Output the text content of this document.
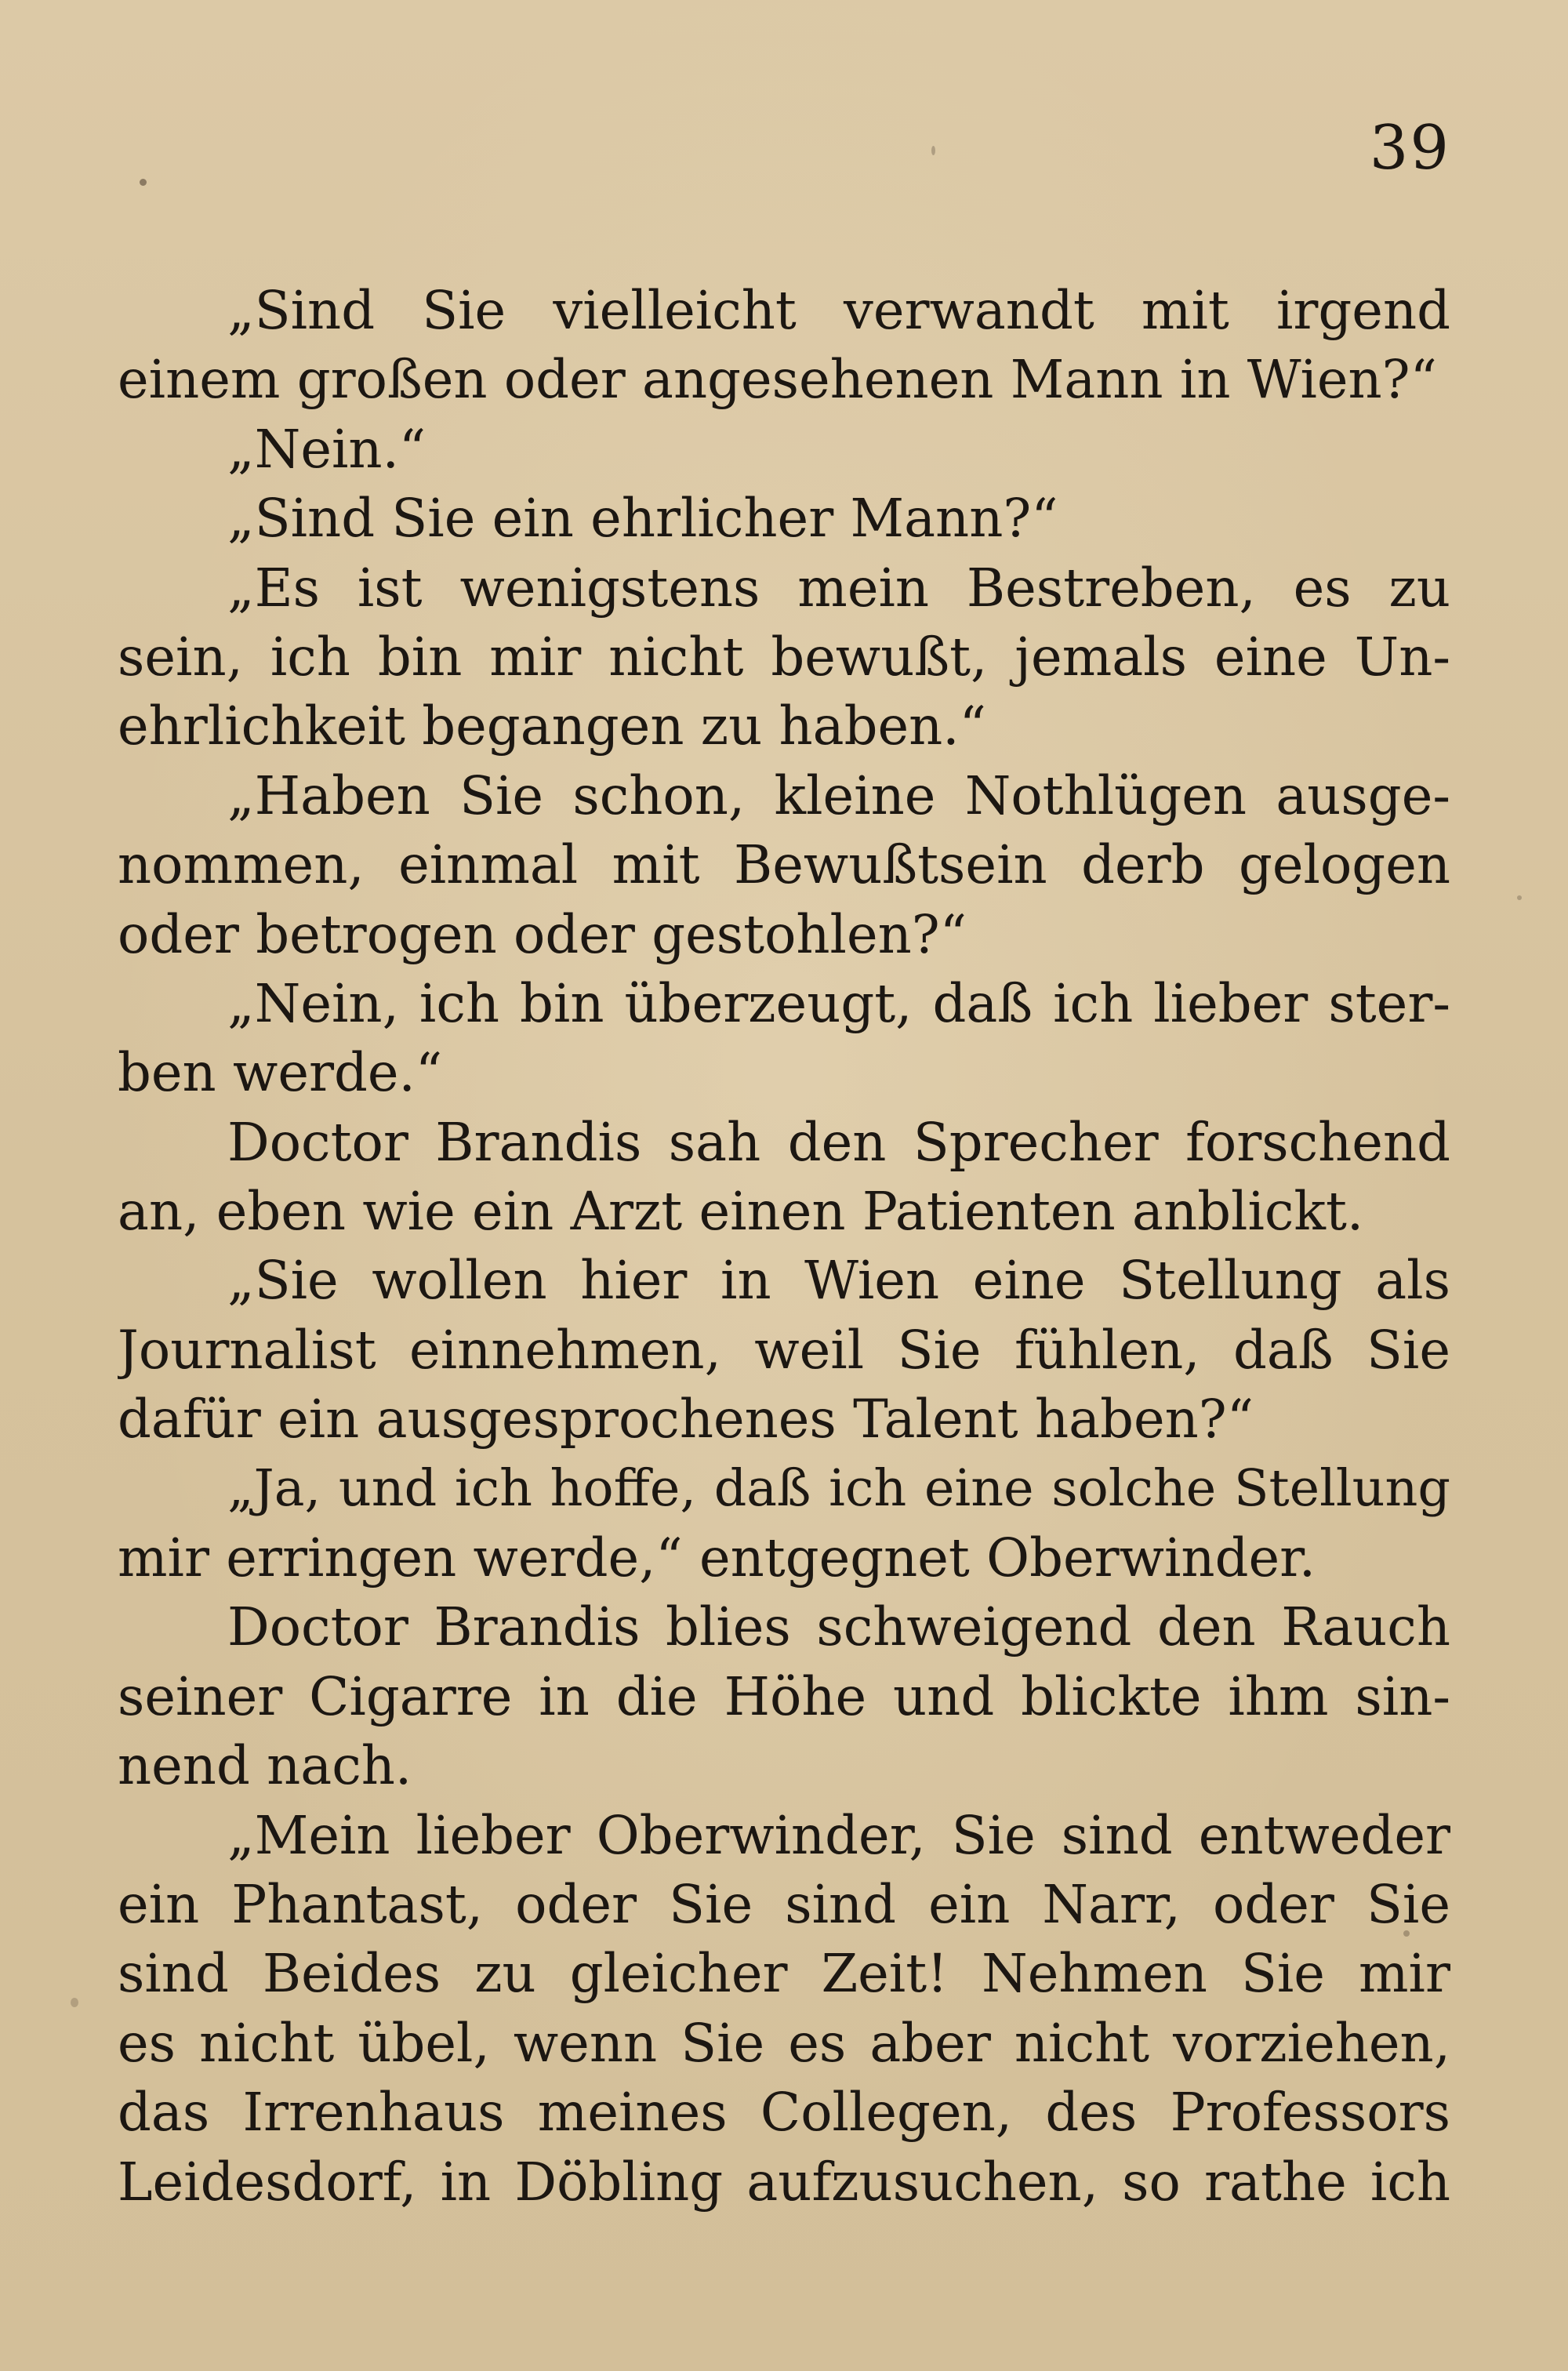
39
„Sind Sie vielleicht verwandt mit irgend
einem großen oder angesehenen Mann in Wien?“
„Nein.“
„Sind Sie ein ehrlicher Mann?“
„Es ist wenigstens mein Bestreben, es zu
sein, ich bin mir nicht bewußt, jemals eine Un-
ehrlichkeit begangen zu haben.“
„Haben Sie schon, kleine Nothlügen ausge-
nommen, einmal mit Bewußtsein derb gelogen
oder betrogen oder gestohlen?“
„Nein, ich bin überzeugt, daß ich lieber ster-
ben werde.“
Doctor Brandis sah den Sprecher forschend
an, eben wie ein Arzt einen Patienten anblickt.
„Sie wollen hier in Wien eine Stellung als
Journalist einnehmen, weil Sie fühlen, daß Sie
dafür ein ausgesprochenes Talent haben?“
„Ja, und ich hoffe, daß ich eine solche Stellung
mir erringen werde,“ entgegnet Oberwinder.
Doctor Brandis blies schweigend den Rauch
seiner Cigarre in die Höhe und blickte ihm sin-
nend nach.
„Mein lieber Oberwinder, Sie sind entweder
ein Phantast, oder Sie sind ein Narr, oder Sie
sind Beides zu gleicher Zeit! Nehmen Sie mir
es nicht übel, wenn Sie es aber nicht vorziehen,
das Irrenhaus meines Collegen, des Professors
Leidesdorf, in Döbling aufzusuchen, so rathe ich
